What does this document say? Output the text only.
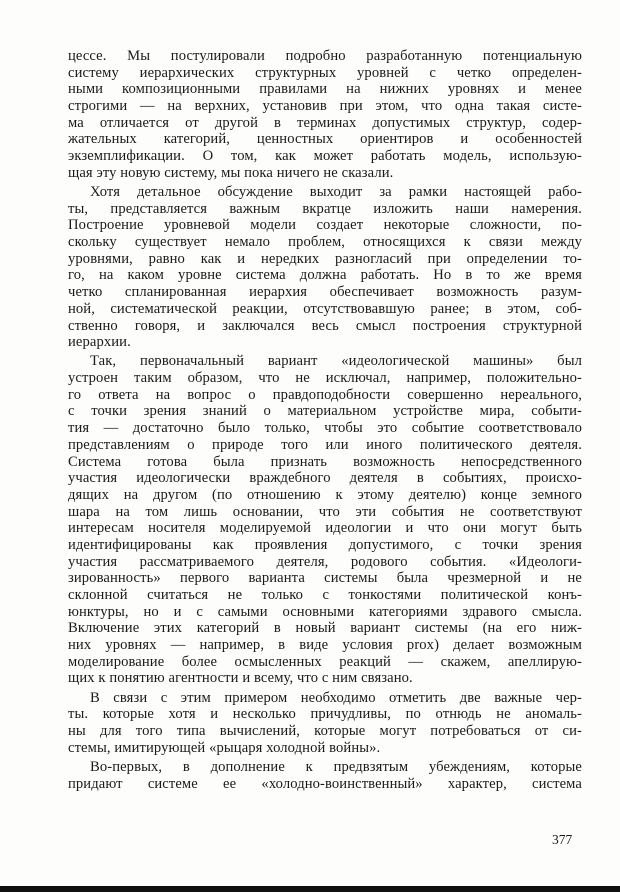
цессе. Мы постулировали подробно разработанную потенциальную
систему иерархических структурных уровней с четко определен-
ными композиционными правилами на нижних уровнях и менее
строгими — на верхних, установив при этом, что одна такая систе-
ма отличается от другой в терминах допустимых структур, содер-
жательных категорий, ценностных ориентиров и особенностей
экземплификации. О том, как может работать модель, использую-
щая эту новую систему, мы пока ничего не сказали.
Хотя детальное обсуждение выходит за рамки настоящей рабо-
ты, представляется важным вкратце изложить наши намерения.
Построение уровневой модели создает некоторые сложности, по-
скольку существует немало проблем, относящихся к связи между
уровнями, равно как и нередких разногласий при определении то-
го, на каком уровне система должна работать. Но в то же время
четко спланированная иерархия обеспечивает возможность разум-
ной, систематической реакции, отсутствовавшую ранее; в этом, соб-
ственно говоря, и заключался весь смысл построения структурной
иерархии.
Так, первоначальный вариант «идеологической машины» был
устроен таким образом, что не исключал, например, положительно-
го ответа на вопрос о правдоподобности совершенно нереального,
с точки зрения знаний о материальном устройстве мира, событи-
тия — достаточно было только, чтобы это событие соответствовало
представлениям о природе того или иного политического деятеля.
Система готова была признать возможность непосредственного
участия идеологически враждебного деятеля в событиях, происхо-
дящих на другом (по отношению к этому деятелю) конце земного
шара на том лишь основании, что эти события не соответствуют
интересам носителя моделируемой идеологии и что они могут быть
идентифицированы как проявления допустимого, с точки зрения
участия рассматриваемого деятеля, родового события. «Идеологи-
зированность» первого варианта системы была чрезмерной и не
склонной считаться не только с тонкостями политической конъ-
юнктуры, но и с самыми основными категориями здравого смысла.
Включение этих категорий в новый вариант системы (на его ниж-
них уровнях — например, в виде условия prox) делает возможным
моделирование более осмысленных реакций — скажем, апеллирую-
щих к понятию агентности и всему, что с ним связано.
В связи с этим примером необходимо отметить две важные чер-
ты. которые хотя и несколько причудливы, по отнюдь не аномаль-
ны для того типа вычислений, которые могут потребоваться от си-
стемы, имитирующей «рыцаря холодной войны».
Во-первых, в дополнение к предвзятым убеждениям, которые
придают системе ее «холодно-воинственный» характер, система
377
